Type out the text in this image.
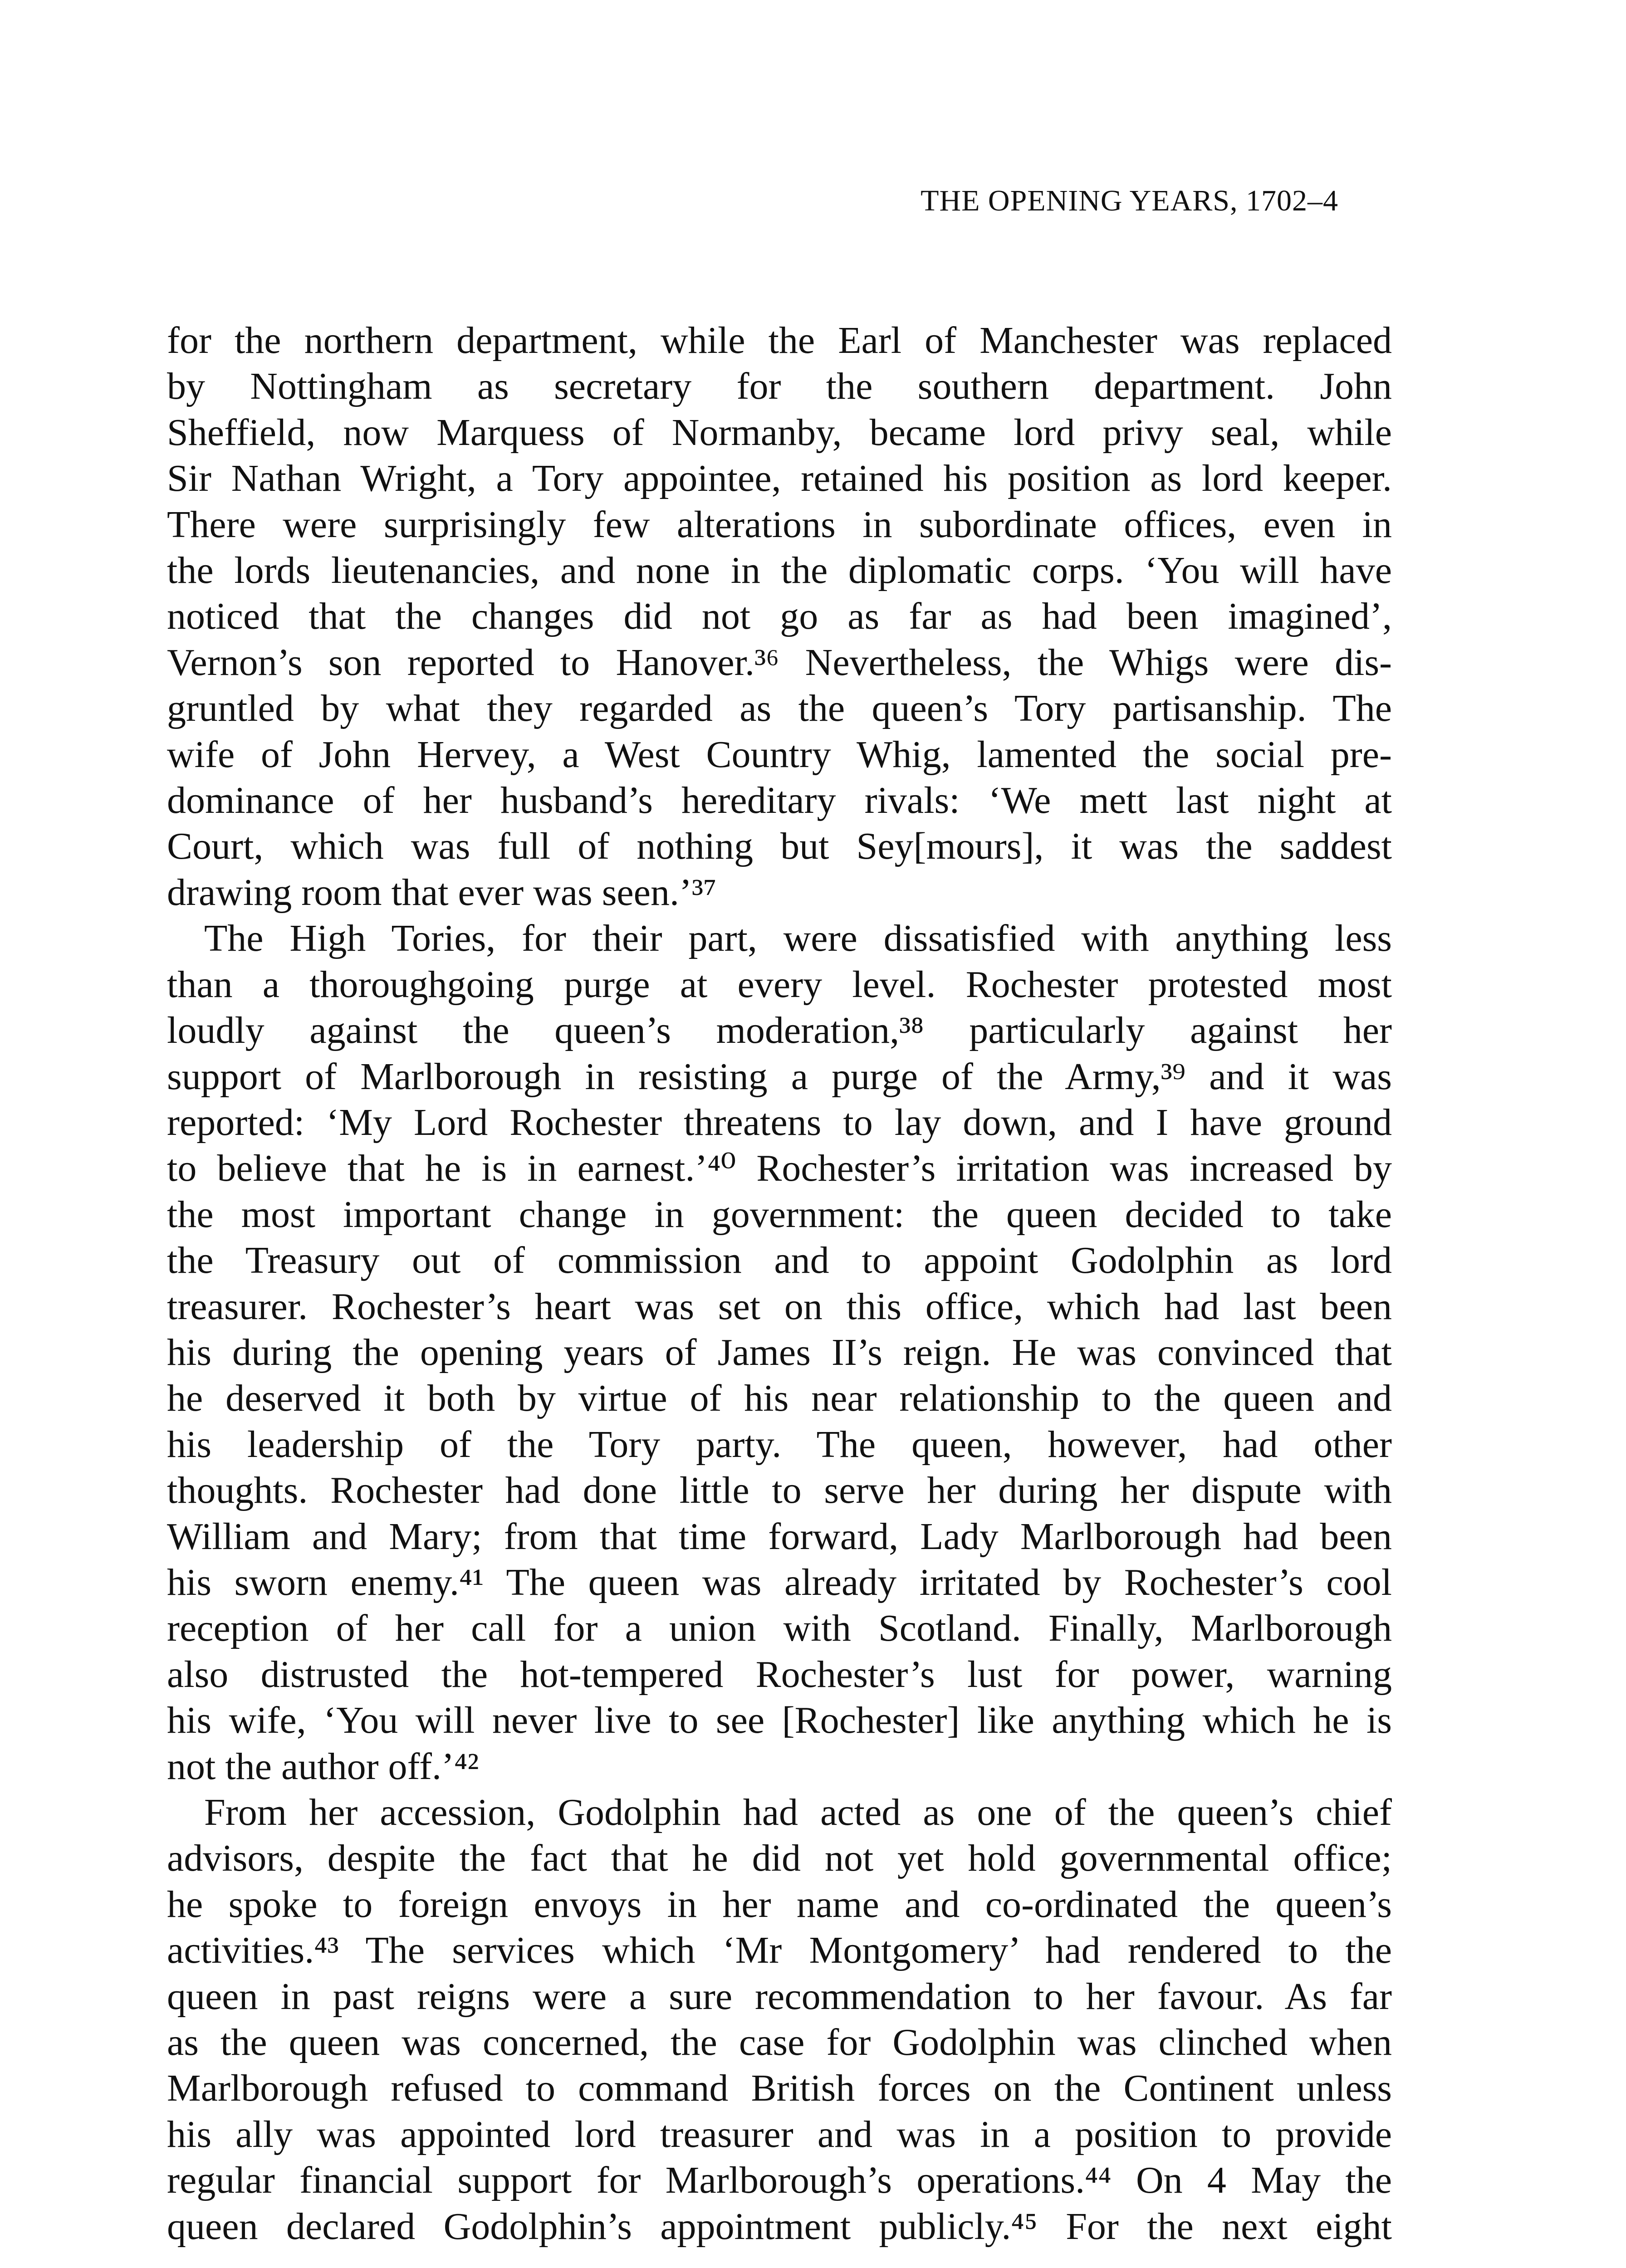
THE OPENING YEARS, 1702–4
for the northern department, while the Earl of Manchester was replaced
by Nottingham as secretary for the southern department. John
Sheffield, now Marquess of Normanby, became lord privy seal, while
Sir Nathan Wright, a Tory appointee, retained his position as lord keeper.
There were surprisingly few alterations in subordinate offices, even in
the lords lieutenancies, and none in the diplomatic corps. ‘You will have
noticed that the changes did not go as far as had been imagined’,
Vernon’s son reported to Hanover.³⁶ Nevertheless, the Whigs were dis-
gruntled by what they regarded as the queen’s Tory partisanship. The
wife of John Hervey, a West Country Whig, lamented the social pre-
dominance of her husband’s hereditary rivals: ‘We mett last night at
Court, which was full of nothing but Sey[mours], it was the saddest
drawing room that ever was seen.’³⁷
The High Tories, for their part, were dissatisfied with anything less
than a thoroughgoing purge at every level. Rochester protested most
loudly against the queen’s moderation,³⁸ particularly against her
support of Marlborough in resisting a purge of the Army,³⁹ and it was
reported: ‘My Lord Rochester threatens to lay down, and I have ground
to believe that he is in earnest.’⁴⁰ Rochester’s irritation was increased by
the most important change in government: the queen decided to take
the Treasury out of commission and to appoint Godolphin as lord
treasurer. Rochester’s heart was set on this office, which had last been
his during the opening years of James II’s reign. He was convinced that
he deserved it both by virtue of his near relationship to the queen and
his leadership of the Tory party. The queen, however, had other
thoughts. Rochester had done little to serve her during her dispute with
William and Mary; from that time forward, Lady Marlborough had been
his sworn enemy.⁴¹ The queen was already irritated by Rochester’s cool
reception of her call for a union with Scotland. Finally, Marlborough
also distrusted the hot-tempered Rochester’s lust for power, warning
his wife, ‘You will never live to see [Rochester] like anything which he is
not the author off.’⁴²
From her accession, Godolphin had acted as one of the queen’s chief
advisors, despite the fact that he did not yet hold governmental office;
he spoke to foreign envoys in her name and co-ordinated the queen’s
activities.⁴³ The services which ‘Mr Montgomery’ had rendered to the
queen in past reigns were a sure recommendation to her favour. As far
as the queen was concerned, the case for Godolphin was clinched when
Marlborough refused to command British forces on the Continent unless
his ally was appointed lord treasurer and was in a position to provide
regular financial support for Marlborough’s operations.⁴⁴ On 4 May the
queen declared Godolphin’s appointment publicly.⁴⁵ For the next eight
